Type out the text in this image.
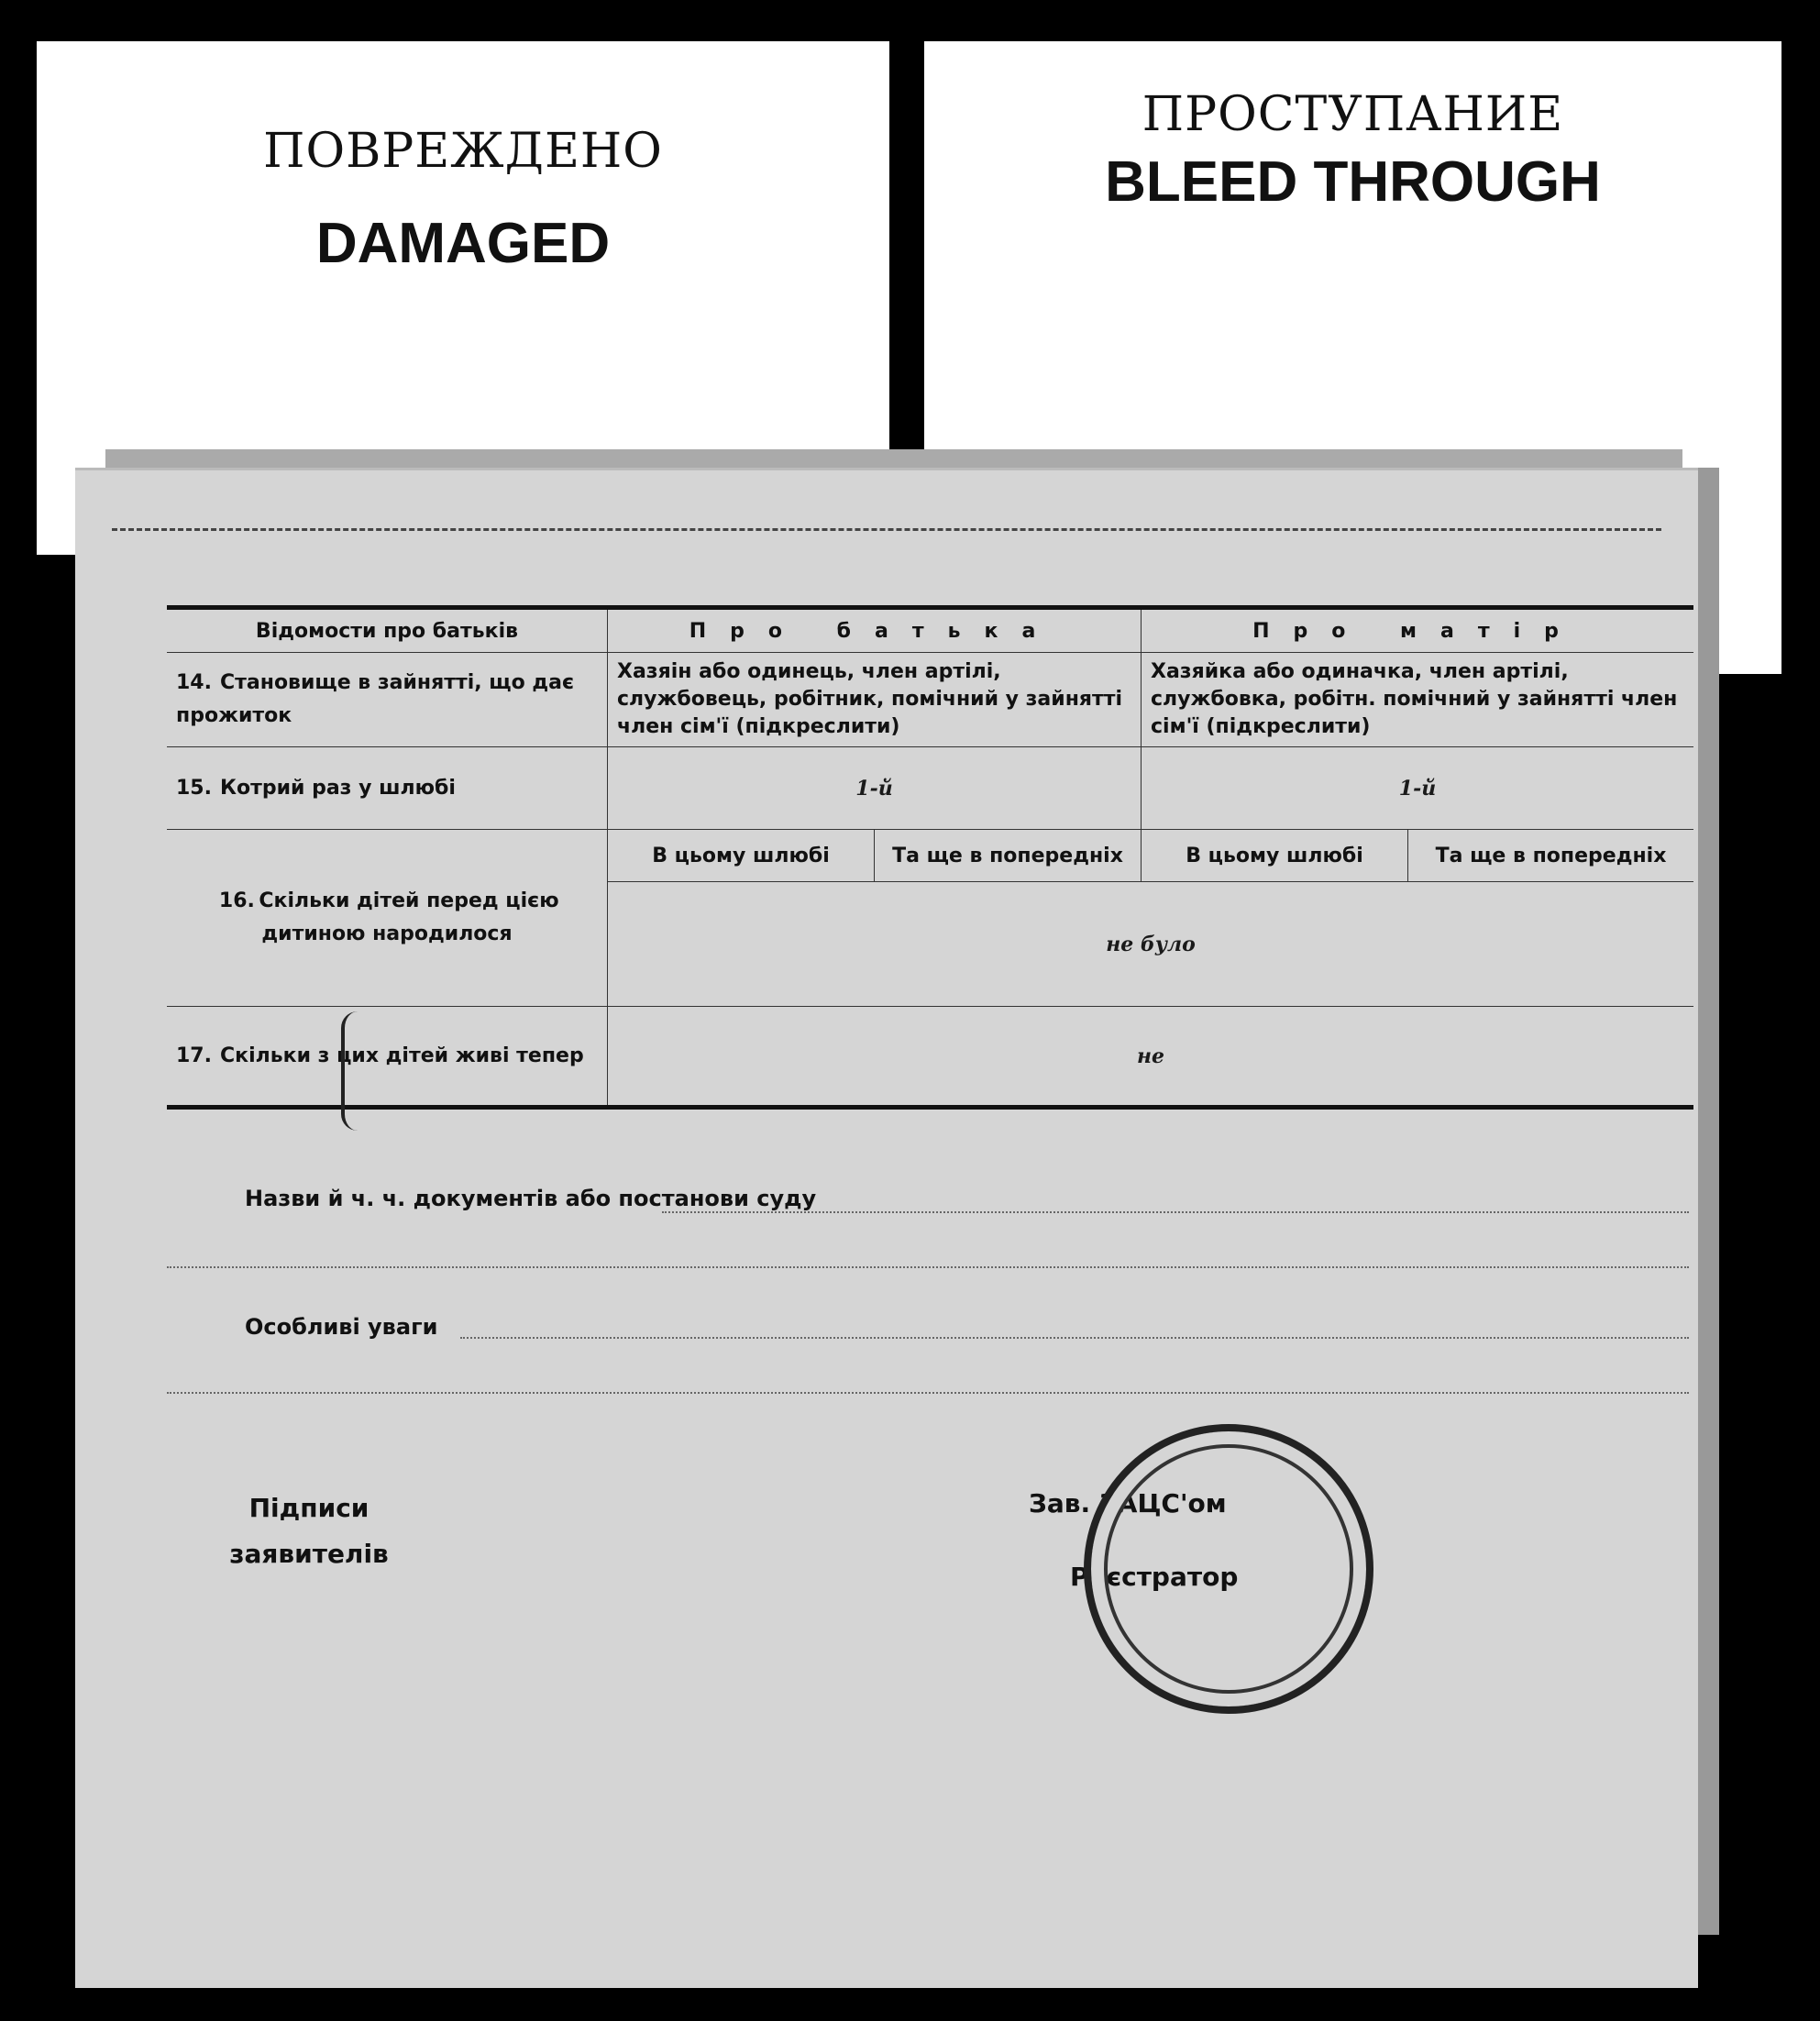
ПОВРЕЖДЕНО
DAMAGED
ПРОСТУПАНИЕ
BLEED THROUGH
Відомости про батьків	Про батька		Про матір	
14. Становище в зайнятті, що дає прожиток	Хазяін або одинець, член артілі, службовець, робітник, помічний у зайнятті член сім'ї (підкреслити)		Хазяйка або одиначка, член артілі, службовка, робітн. помічний у зайнятті член сім'ї (підкреслити)	
15. Котрий раз у шлюбі	1-й		1-й	
16. Скільки дітей перед цією дитиною народилося	В цьому шлюбі	Та ще в попередніх	В цьому шлюбі	Та ще в попередніх
	не було			
17. Скільки з цих дітей живі тепер	не			
Назви й ч. ч. документів або постанови суду
Особливі уваги
Підписи
заявителів

Зав. ЗАЦС'ом
Реєстратор
